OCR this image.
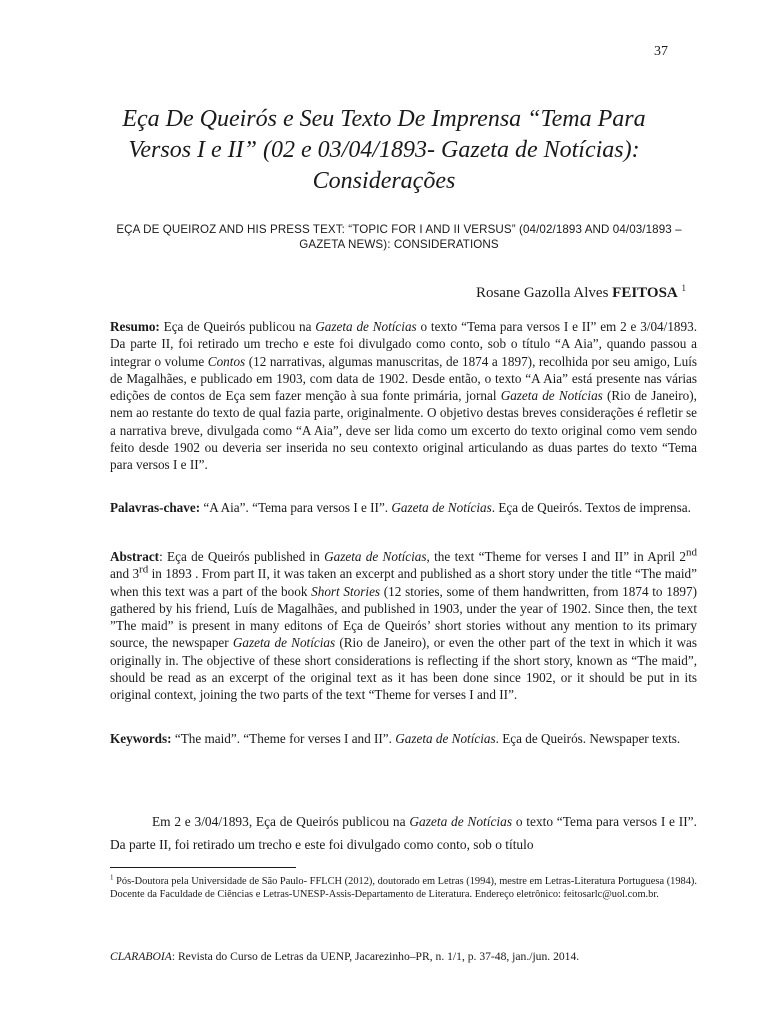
37
Eça De Queirós e Seu Texto De Imprensa “Tema Para Versos I e II” (02 e 03/04/1893- Gazeta de Notícias): Considerações
EÇA DE QUEIROZ AND HIS PRESS TEXT: “TOPIC FOR I AND II VERSUS” (04/02/1893 AND 04/03/1893 – GAZETA NEWS): CONSIDERATIONS
Rosane Gazolla Alves FEITOSA $^1$
Resumo: Eça de Queirós publicou na Gazeta de Notícias o texto “Tema para versos I e II” em 2 e 3/04/1893. Da parte II, foi retirado um trecho e este foi divulgado como conto, sob o título “A Aia”, quando passou a integrar o volume Contos (12 narrativas, algumas manuscritas, de 1874 a 1897), recolhida por seu amigo, Luís de Magalhães, e publicado em 1903, com data de 1902. Desde então, o texto “A Aia” está presente nas várias edições de contos de Eça sem fazer menção à sua fonte primária, jornal Gazeta de Notícias (Rio de Janeiro), nem ao restante do texto de qual fazia parte, originalmente. O objetivo destas breves considerações é refletir se a narrativa breve, divulgada como “A Aia”, deve ser lida como um excerto do texto original como vem sendo feito desde 1902 ou deveria ser inserida no seu contexto original articulando as duas partes do texto “Tema para versos I e II”.
Palavras-chave: “A Aia”. “Tema para versos I e II”. Gazeta de Notícias. Eça de Queirós. Textos de imprensa.
Abstract: Eça de Queirós published in Gazeta de Notícias, the text “Theme for verses I and II” in April 2nd and 3rd in 1893 . From part II, it was taken an excerpt and published as a short story under the title “The maid” when this text was a part of the book Short Stories (12 stories, some of them handwritten, from 1874 to 1897) gathered by his friend, Luís de Magalhães, and published in 1903, under the year of 1902. Since then, the text ”The maid” is present in many editons of Eça de Queirós’ short stories without any mention to its primary source, the newspaper Gazeta de Notícias (Rio de Janeiro), or even the other part of the text in which it was originally in. The objective of these short considerations is reflecting if the short story, known as “The maid”, should be read as an excerpt of the original text as it has been done since 1902, or it should be put in its original context, joining the two parts of the text “Theme for verses I and II”.
Keywords: “The maid”. “Theme for verses I and II”. Gazeta de Notícias. Eça de Queirós. Newspaper texts.
Em 2 e 3/04/1893, Eça de Queirós publicou na Gazeta de Notícias o texto “Tema para versos I e II”. Da parte II, foi retirado um trecho e este foi divulgado como conto, sob o título
$^1$ Pós-Doutora pela Universidade de São Paulo- FFLCH (2012), doutorado em Letras (1994), mestre em Letras-Literatura Portuguesa (1984). Docente da Faculdade de Ciências e Letras-UNESP-Assis-Departamento de Literatura. Endereço eletrônico: feitosarlc@uol.com.br.
CLARABOIA: Revista do Curso de Letras da UENP, Jacarezinho–PR, n. 1/1, p. 37-48, jan./jun. 2014.
